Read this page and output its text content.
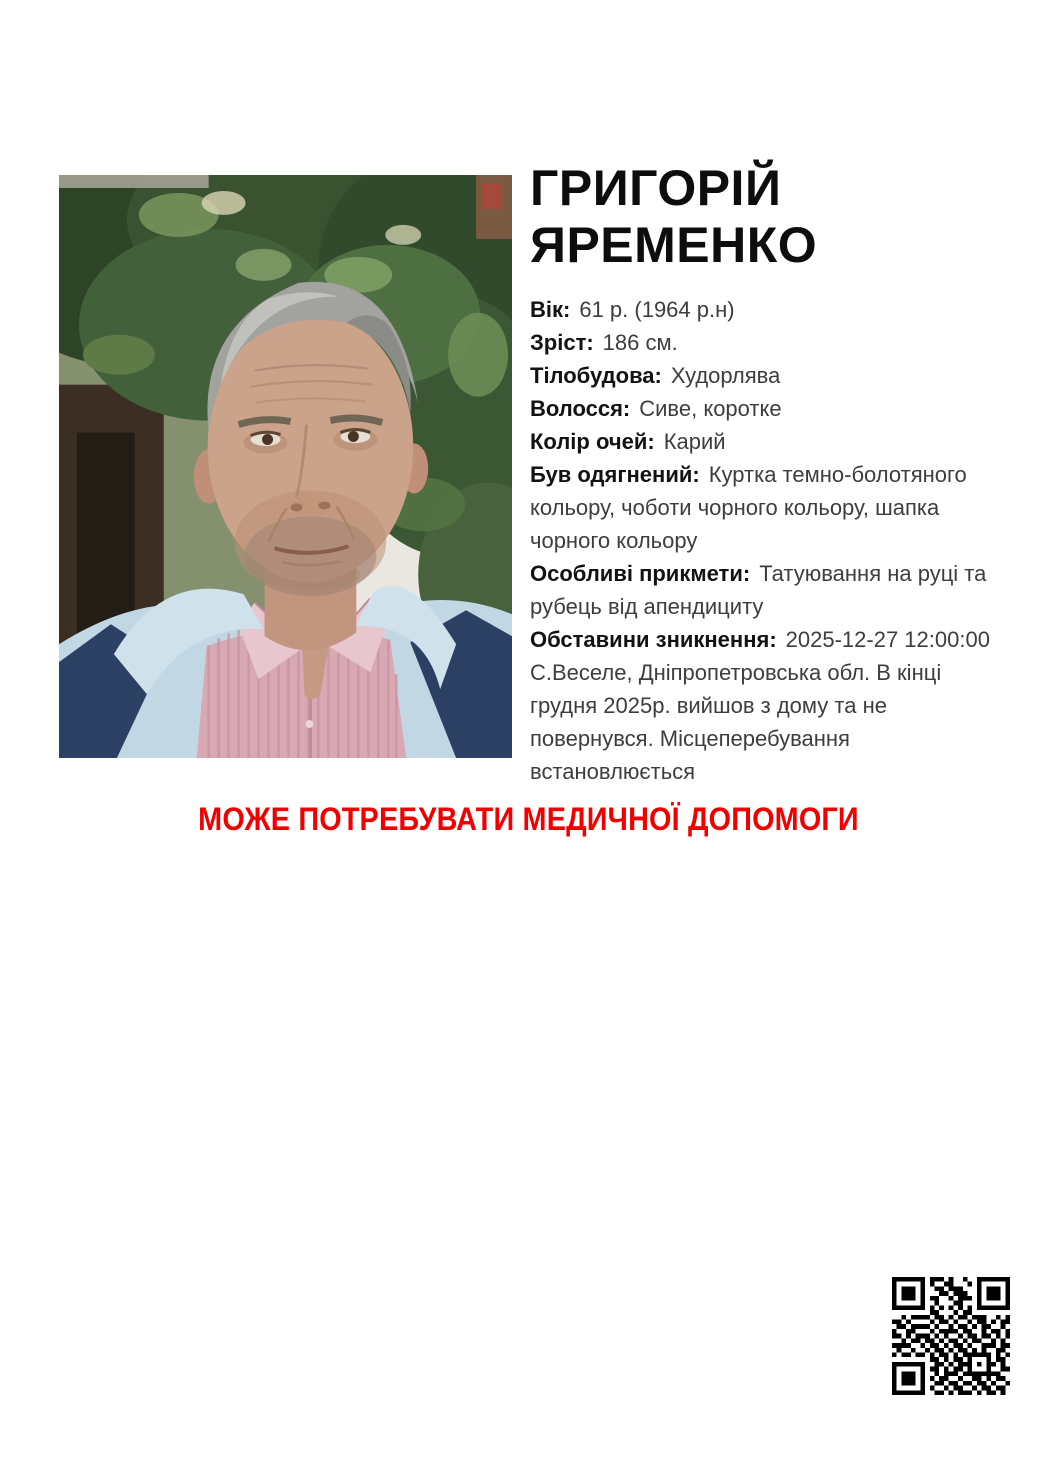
ГРИГОРІЙ
ЯРЕМЕНКО
Вік: 61 р. (1964 р.н)
Зріст: 186 см.
Тілобудова: Худорлява
Волосся: Сиве, коротке
Колір очей: Карий
Був одягнений: Куртка темно-болотяного кольору, чоботи чорного кольору, шапка чорного кольору
Особливі прикмети: Татуювання на руці та рубець від апендициту
Обставини зникнення: 2025-12-27 12:00:00 С.Веселе, Дніпропетровська обл. В кінці грудня 2025р. вийшов з дому та не повернувся. Місцеперебування встановлюється
МОЖЕ ПОТРЕБУВАТИ МЕДИЧНОЇ ДОПОМОГИ
